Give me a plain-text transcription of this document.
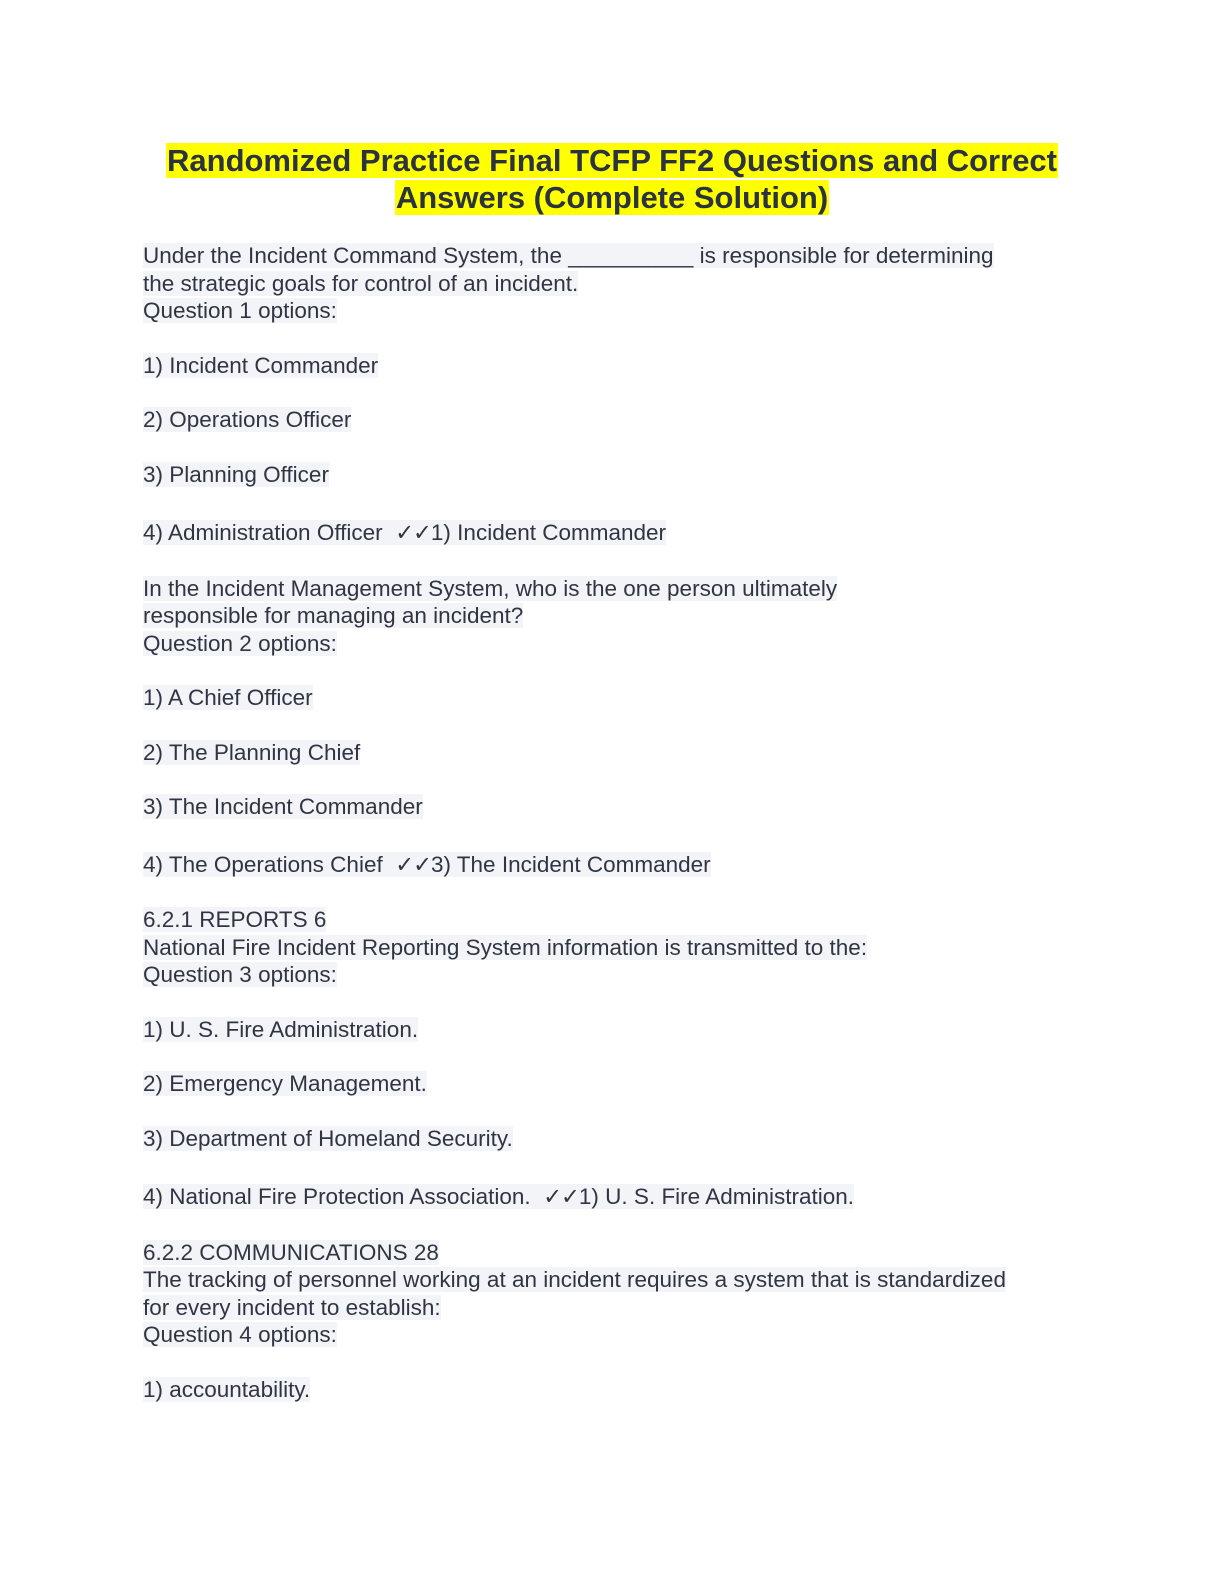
Randomized Practice Final TCFP FF2 Questions and Correct
Answers (Complete Solution)

Under the Incident Command System, the __________ is responsible for determining

the strategic goals for control of an incident.

Question 1 options:

1) Incident Commander

2) Operations Officer

3) Planning Officer

4) Administration Officer ✓✓1) Incident Commander

In the Incident Management System, who is the one person ultimately

responsible for managing an incident?

Question 2 options:

1) A Chief Officer

2) The Planning Chief

3) The Incident Commander

4) The Operations Chief ✓✓3) The Incident Commander

6.2.1 REPORTS 6

National Fire Incident Reporting System information is transmitted to the:

Question 3 options:

1) U. S. Fire Administration.

2) Emergency Management.

3) Department of Homeland Security.

4) National Fire Protection Association. ✓✓1) U. S. Fire Administration.

6.2.2 COMMUNICATIONS 28

The tracking of personnel working at an incident requires a system that is standardized

for every incident to establish:

Question 4 options:

1) accountability.
